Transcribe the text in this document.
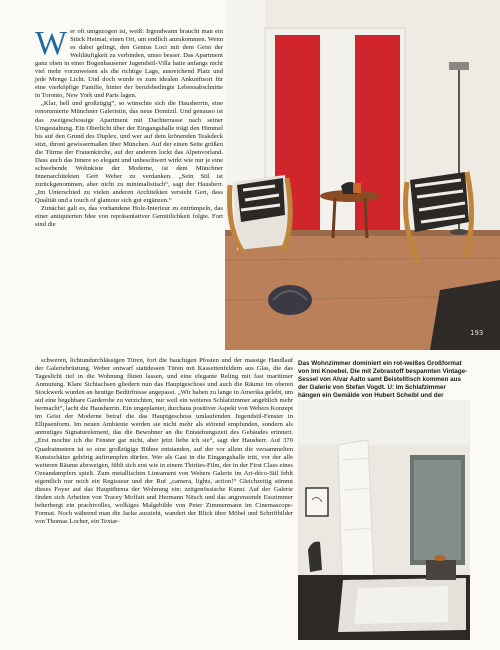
W er oft umgezogen ist, weiß: Irgendwann braucht man ein Stück Heimat, einen Ort, um endlich anzukommen. Wenn es dabei gelingt, den Genius Loci mit dem Geist der Weltläufigkeit zu verbinden, umso besser. Das Apartment ganz oben in einer Bogenhausener Jugendstil-Villa hatte anfangs nicht viel mehr vorzuweisen als die richtige Lage, ausreichend Platz und jede Menge Licht. Und doch wurde es zum idealen Ankunftsort für eine vierköpfige Familie, hinter der berufsbedingte Lebensabschnitte in Toronto, New York und Paris lagen.

„Klar, hell und großzügig“, so wünschte sich die Hausherrin, eine renommierte Münchner Galeristin, das neue Domizil. Und genauso ist das zweigeschossige Apartment mit Dachterrasse nach seiner Umgestaltung. Ein Oberlicht über der Eingangshalle trägt den Himmel bis auf den Grund des Duplex, und wer auf dem krönenden Teakdeck sitzt, thront gewissermaßen über München. Auf der einen Seite grüßen die Türme der Frauenkirche, auf der anderen lockt das Alpenvorland. Dass auch das Innere so elegant und unbeschwert wirkt wie nur je eine schwebende Wohnkiste der Moderne, ist dem Münchner Innenarchitekten Gert Weber zu verdanken. „Sein Stil ist zurückgenommen, aber nicht zu minimalistisch“, sagt der Hausherr. „Im Unterschied zu vielen anderen Architekten versteht Gert, dass Qualität und a touch of glamour sich gut ergänzen.“

Zunächst galt es, das vorhandene Holz-Interieur zu entrümpeln, das einer antiquierten Idee von repräsentativer Gemütlichkeit folgte. Fort sind die

193

schweren, lichtundurchlässigen Türen, fort die bauchigen Pfosten und der massige Handlauf der Galeriebrüstung. Weber entwarf stattdessen Türen mit Kassettenfeldern aus Glas, die das Tageslicht tief in die Wohnung fluten lassen, und eine elegante Reling mit fast maritimer Anmutung. Klare Sichtachsen gliedern nun das Hauptgeschoss und auch die Räume im oberen Stockwerk wurden an heutige Bedürfnisse angepasst. „Wir haben zu lange in Amerika gelebt, um auf eine begehbare Garderobe zu verzichten, nur weil ein weiteres Schlafzimmer angeblich mehr hermacht“, lacht die Hausherrin. Ein ungeplanter, durchaus positiver Aspekt von Webers Konzept im Geist der Moderne betraf die das Hauptgeschoss umlaufenden Jugendstil-Fenster in Ellipsenform. Im neuen Ambiente werden sie nicht mehr als störend empfunden, sondern als anmutiges Signaturelement, das die Bewohner an die Entstehungszeit des Gebäudes erinnert. „Erst mochte ich die Fenster gar nicht, aber jetzt liebe ich sie“, sagt der Hausherr. Auf 370 Quadratmetern ist so eine großzügige Bühne entstanden, auf der vor allem die versammelten Kunstschätze gehörig auftrumpfen dürfen. Wer als Gast in die Eingangshalle tritt, vor der alle weiteren Räume abzweigen, fühlt sich erst wie in einem Thirties-Film, der in der First Class eines Ozeandampfers spielt. Zum metallischen Lineament von Webers Galerie im Art-déco-Stil fehlt eigentlich nur noch ein Regisseur und der Ruf „camera, lights, action!“ Gleichzeitig stimmt dieses Foyer auf das Hauptthema der Wohnung ein: zeitgenössische Kunst. Auf der Galerie finden sich Arbeiten von Tracey Moffatt und Hermann Nitsch und das angrenzende Esszimmer beherbergt ein prachtvolles, wolkiges Malgebilde von Peter Zimmermann im Cinemascope-Format. Noch während man die Jacke auszieht, wandert der Blick über Möbel und Schriftbilder von Thomas Locher, ein Textar-

Das Wohnzimmer dominiert ein rot-weißes Großformat von Imi Knoebel. Die mit Zebrastoff bespannten Vintage-Sessel von Alvar Aalto samt Beistelltisch kommen aus der Galerie von Stefan Vogdt. U: Im Schlafzimmer hängen ein Gemälde von Hubert Scheibl und der
